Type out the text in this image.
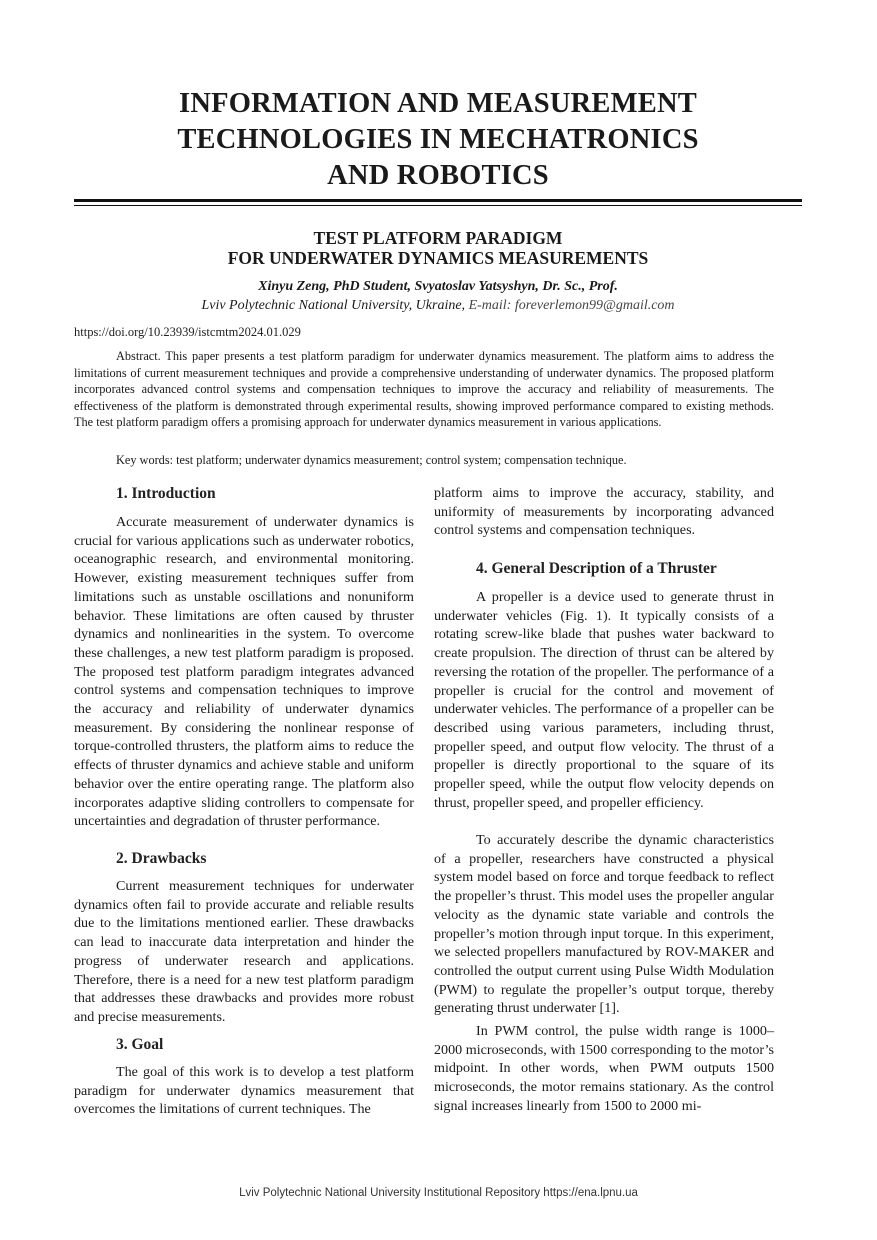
INFORMATION AND MEASUREMENT
TECHNOLOGIES IN MECHATRONICS
AND ROBOTICS
TEST PLATFORM PARADIGM
FOR UNDERWATER DYNAMICS MEASUREMENTS
Xinyu Zeng, PhD Student, Svyatoslav Yatsyshyn, Dr. Sc., Prof.
Lviv Polytechnic National University, Ukraine, E-mail: foreverlemon99@gmail.com
https://doi.org/10.23939/istcmtm2024.01.029

Abstract. This paper presents a test platform paradigm for underwater dynamics measurement. The platform aims to address the limitations of current measurement techniques and provide a comprehensive understanding of underwater dynamics. The proposed platform incorporates advanced control systems and compensation techniques to improve the accuracy and reliability of measurements. The effectiveness of the platform is demonstrated through experimental results, showing improved performance compared to existing methods. The test platform paradigm offers a promising approach for underwater dynamics measurement in various applications.

Key words: test platform; underwater dynamics measurement; control system; compensation technique.

1. Introduction

Accurate measurement of underwater dynamics is crucial for various applications such as underwater robotics, oceanographic research, and environmental monitoring. However, existing measurement techniques suffer from limitations such as unstable oscillations and nonuniform behavior. These limitations are often caused by thruster dynamics and nonlinearities in the system. To overcome these challenges, a new test platform paradigm is proposed. The proposed test platform paradigm integrates advanced control systems and compensation techniques to improve the accuracy and reliability of underwater dynamics measurement. By considering the nonlinear response of torque-controlled thrusters, the platform aims to reduce the effects of thruster dynamics and achieve stable and uniform behavior over the entire operating range. The platform also incorporates adaptive sliding controllers to compensate for uncertainties and degradation of thruster performance.

2. Drawbacks

Current measurement techniques for underwater dynamics often fail to provide accurate and reliable results due to the limitations mentioned earlier. These drawbacks can lead to inaccurate data interpretation and hinder the progress of underwater research and applications. Therefore, there is a need for a new test platform paradigm that addresses these drawbacks and provides more robust and precise measurements.

3. Goal

The goal of this work is to develop a test platform paradigm for underwater dynamics measurement that overcomes the limitations of current techniques. The

platform aims to improve the accuracy, stability, and uniformity of measurements by incorporating advanced control systems and compensation techniques.

4. General Description of a Thruster

A propeller is a device used to generate thrust in underwater vehicles (Fig. 1). It typically consists of a rotating screw-like blade that pushes water backward to create propulsion. The direction of thrust can be altered by reversing the rotation of the propeller. The performance of a propeller is crucial for the control and movement of underwater vehicles. The performance of a propeller can be described using various parameters, including thrust, propeller speed, and output flow velocity. The thrust of a propeller is directly proportional to the square of its propeller speed, while the output flow velocity depends on thrust, propeller speed, and propeller efficiency.

To accurately describe the dynamic characteristics of a propeller, researchers have constructed a physical system model based on force and torque feedback to reflect the propeller’s thrust. This model uses the propeller angular velocity as the dynamic state variable and controls the propeller’s motion through input torque. In this experiment, we selected propellers manufactured by ROV-MAKER and controlled the output current using Pulse Width Modulation (PWM) to regulate the propeller’s output torque, thereby generating thrust underwater [1].

In PWM control, the pulse width range is 1000–2000 microseconds, with 1500 corresponding to the motor’s midpoint. In other words, when PWM outputs 1500 microseconds, the motor remains stationary. As the control signal increases linearly from 1500 to 2000 mi-

Lviv Polytechnic National University Institutional Repository https://ena.lpnu.ua
